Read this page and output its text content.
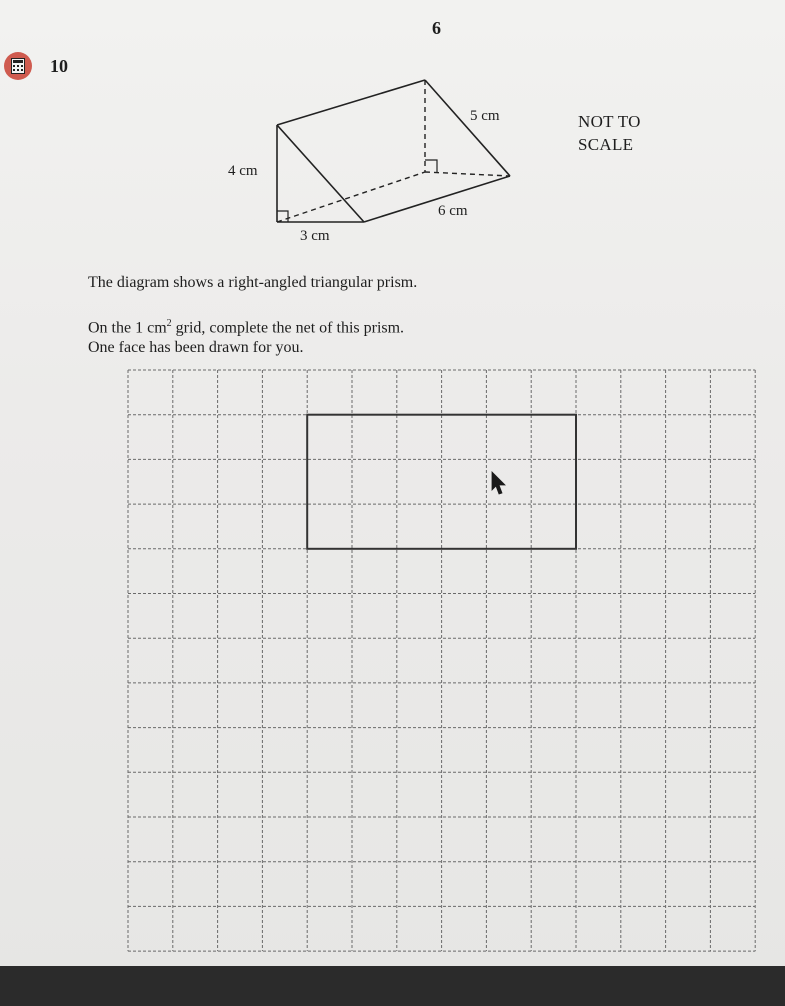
6
10
5 cm
4 cm
6 cm
3 cm
NOT TO
SCALE
The diagram shows a right-angled triangular prism.
On the 1 $cm^2$ grid, complete the net of this prism.
One face has been drawn for you.
